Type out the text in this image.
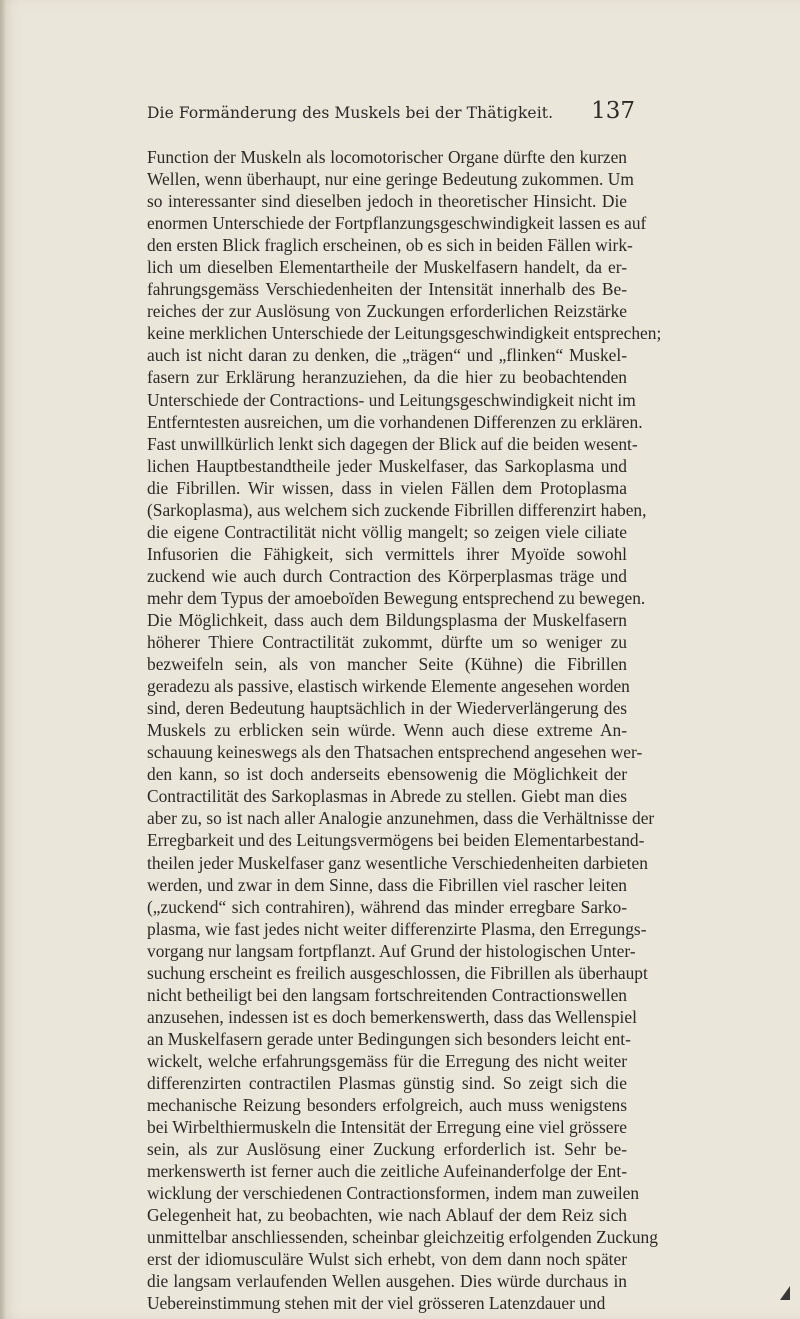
Die Formänderung des Muskels bei der Thätigkeit. 137
Function der Muskeln als locomotorischer Organe dürfte den kurzen
Wellen, wenn überhaupt, nur eine geringe Bedeutung zukommen. Um
so interessanter sind dieselben jedoch in theoretischer Hinsicht. Die
enormen Unterschiede der Fortpflanzungsgeschwindigkeit lassen es auf
den ersten Blick fraglich erscheinen, ob es sich in beiden Fällen wirk-
lich um dieselben Elementartheile der Muskelfasern handelt, da er-
fahrungsgemäss Verschiedenheiten der Intensität innerhalb des Be-
reiches der zur Auslösung von Zuckungen erforderlichen Reizstärke
keine merklichen Unterschiede der Leitungsgeschwindigkeit entsprechen;
auch ist nicht daran zu denken, die „trägen“ und „flinken“ Muskel-
fasern zur Erklärung heranzuziehen, da die hier zu beobachtenden
Unterschiede der Contractions- und Leitungsgeschwindigkeit nicht im
Entferntesten ausreichen, um die vorhandenen Differenzen zu erklären.
Fast unwillkürlich lenkt sich dagegen der Blick auf die beiden wesent-
lichen Hauptbestandtheile jeder Muskelfaser, das Sarkoplasma und
die Fibrillen. Wir wissen, dass in vielen Fällen dem Protoplasma
(Sarkoplasma), aus welchem sich zuckende Fibrillen differenzirt haben,
die eigene Contractilität nicht völlig mangelt; so zeigen viele ciliate
Infusorien die Fähigkeit, sich vermittels ihrer Myoïde sowohl
zuckend wie auch durch Contraction des Körperplasmas träge und
mehr dem Typus der amoeboïden Bewegung entsprechend zu bewegen.
Die Möglichkeit, dass auch dem Bildungsplasma der Muskelfasern
höherer Thiere Contractilität zukommt, dürfte um so weniger zu
bezweifeln sein, als von mancher Seite (Kühne) die Fibrillen
geradezu als passive, elastisch wirkende Elemente angesehen worden
sind, deren Bedeutung hauptsächlich in der Wiederverlängerung des
Muskels zu erblicken sein würde. Wenn auch diese extreme An-
schauung keineswegs als den Thatsachen entsprechend angesehen wer-
den kann, so ist doch anderseits ebensowenig die Möglichkeit der
Contractilität des Sarkoplasmas in Abrede zu stellen. Giebt man dies
aber zu, so ist nach aller Analogie anzunehmen, dass die Verhältnisse der
Erregbarkeit und des Leitungsvermögens bei beiden Elementarbestand-
theilen jeder Muskelfaser ganz wesentliche Verschiedenheiten darbieten
werden, und zwar in dem Sinne, dass die Fibrillen viel rascher leiten
(„zuckend“ sich contrahiren), während das minder erregbare Sarko-
plasma, wie fast jedes nicht weiter differenzirte Plasma, den Erregungs-
vorgang nur langsam fortpflanzt. Auf Grund der histologischen Unter-
suchung erscheint es freilich ausgeschlossen, die Fibrillen als überhaupt
nicht betheiligt bei den langsam fortschreitenden Contractionswellen
anzusehen, indessen ist es doch bemerkenswerth, dass das Wellenspiel
an Muskelfasern gerade unter Bedingungen sich besonders leicht ent-
wickelt, welche erfahrungsgemäss für die Erregung des nicht weiter
differenzirten contractilen Plasmas günstig sind. So zeigt sich die
mechanische Reizung besonders erfolgreich, auch muss wenigstens
bei Wirbelthiermuskeln die Intensität der Erregung eine viel grössere
sein, als zur Auslösung einer Zuckung erforderlich ist. Sehr be-
merkenswerth ist ferner auch die zeitliche Aufeinanderfolge der Ent-
wicklung der verschiedenen Contractionsformen, indem man zuweilen
Gelegenheit hat, zu beobachten, wie nach Ablauf der dem Reiz sich
unmittelbar anschliessenden, scheinbar gleichzeitig erfolgenden Zuckung
erst der idiomusculäre Wulst sich erhebt, von dem dann noch später
die langsam verlaufenden Wellen ausgehen. Dies würde durchaus in
Uebereinstimmung stehen mit der viel grösseren Latenzdauer und
